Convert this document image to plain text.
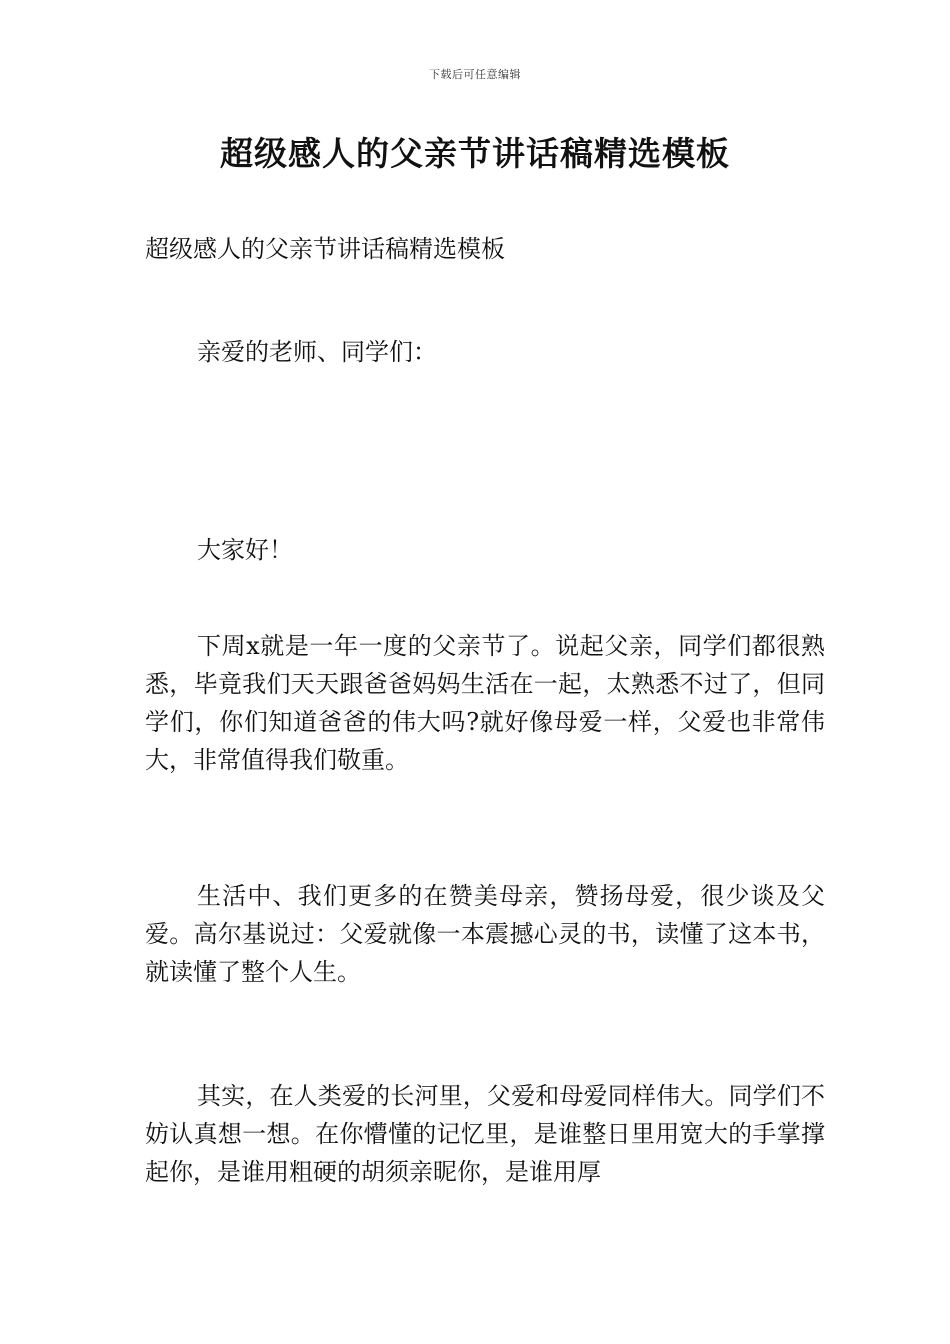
下载后可任意编辑
超级感人的父亲节讲话稿精选模板

超级感人的父亲节讲话稿精选模板

亲爱的老师、同学们：

大家好！

下周x就是一年一度的父亲节了。说起父亲，同学们都很熟悉，毕竟我们天天跟爸爸妈妈生活在一起，太熟悉不过了，但同学们，你们知道爸爸的伟大吗?就好像母爱一样，父爱也非常伟大，非常值得我们敬重。

生活中、我们更多的在赞美母亲，赞扬母爱，很少谈及父爱。高尔基说过：父爱就像一本震撼心灵的书，读懂了这本书，就读懂了整个人生。

其实，在人类爱的长河里，父爱和母爱同样伟大。同学们不妨认真想一想。在你懵懂的记忆里，是谁整日里用宽大的手掌撑起你，是谁用粗硬的胡须亲昵你，是谁用厚
